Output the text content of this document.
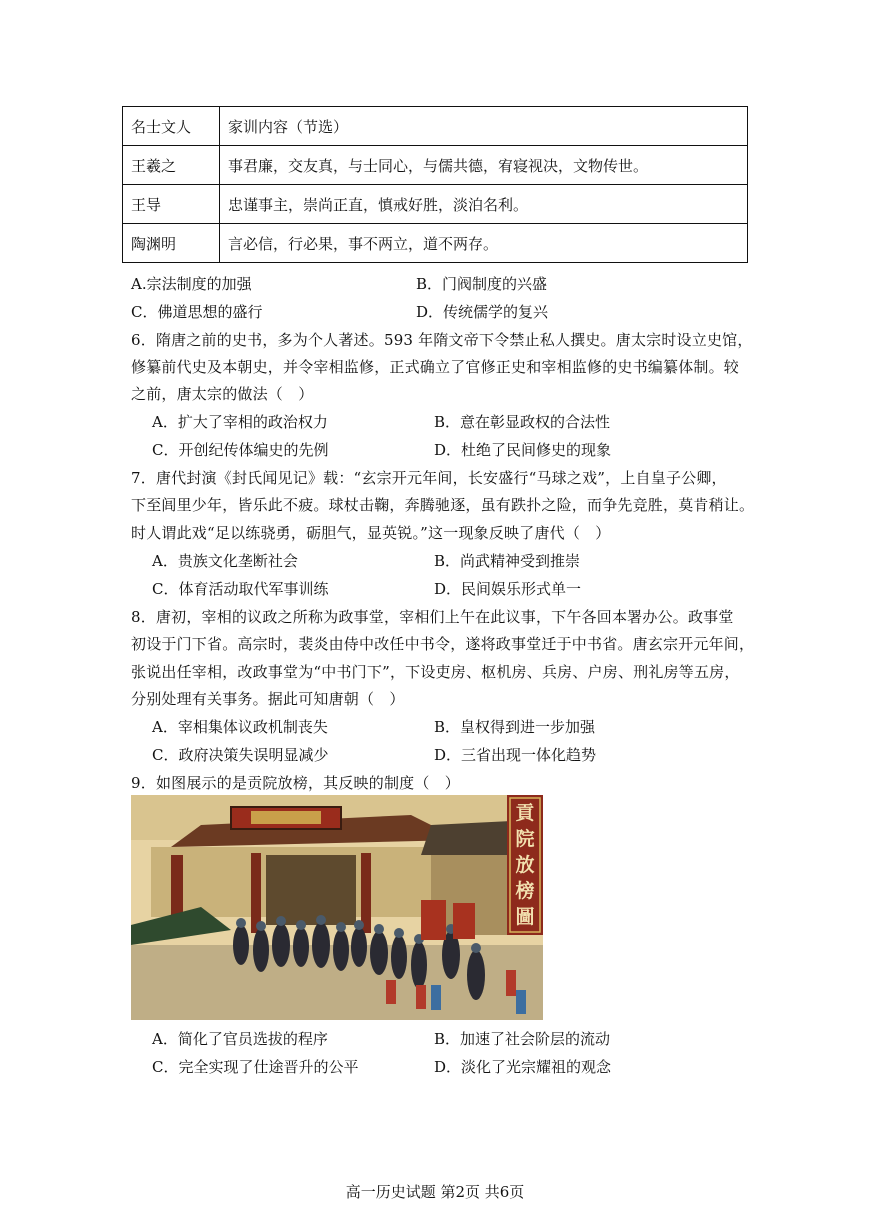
名士文人	家训内容（节选）
王羲之	事君廉，交友真，与士同心，与儒共德，宥寝视决，文物传世。
王导	忠谨事主，崇尚正直，慎戒好胜，淡泊名利。
陶渊明	言必信，行必果，事不两立，道不两存。
A.宗法制度的加强	B．门阀制度的兴盛
C．佛道思想的盛行	D．传统儒学的复兴
6．隋唐之前的史书，多为个人著述。593 年隋文帝下令禁止私人撰史。唐太宗时设立史馆，
修纂前代史及本朝史，并令宰相监修，正式确立了官修正史和宰相监修的史书编纂体制。较
之前，唐太宗的做法（　）
A．扩大了宰相的政治权力	B．意在彰显政权的合法性
C．开创纪传体编史的先例	D．杜绝了民间修史的现象
7．唐代封演《封氏闻见记》载：“玄宗开元年间，长安盛行“马球之戏”，上自皇子公卿，
下至闾里少年，皆乐此不疲。球杖击鞠，奔腾驰逐，虽有跌扑之险，而争先竞胜，莫肯稍让。
时人谓此戏“足以练骁勇，砺胆气，显英锐。”这一现象反映了唐代（　）
A．贵族文化垄断社会	B．尚武精神受到推崇
C．体育活动取代军事训练	D．民间娱乐形式单一
8．唐初，宰相的议政之所称为政事堂，宰相们上午在此议事，下午各回本署办公。政事堂
初设于门下省。高宗时，裴炎由侍中改任中书令，遂将政事堂迁于中书省。唐玄宗开元年间，
张说出任宰相，改政事堂为“中书门下”，下设吏房、枢机房、兵房、户房、刑礼房等五房，
分别处理有关事务。据此可知唐朝（　）
A．宰相集体议政机制丧失	B．皇权得到进一步加强
C．政府决策失误明显减少	D．三省出现一体化趋势
9．如图展示的是贡院放榜，其反映的制度（　）
貢
院
放
榜
圖
A．简化了官员选拔的程序	B．加速了社会阶层的流动
C．完全实现了仕途晋升的公平	D．淡化了光宗耀祖的观念
高一历史试题 第2页 共6页
